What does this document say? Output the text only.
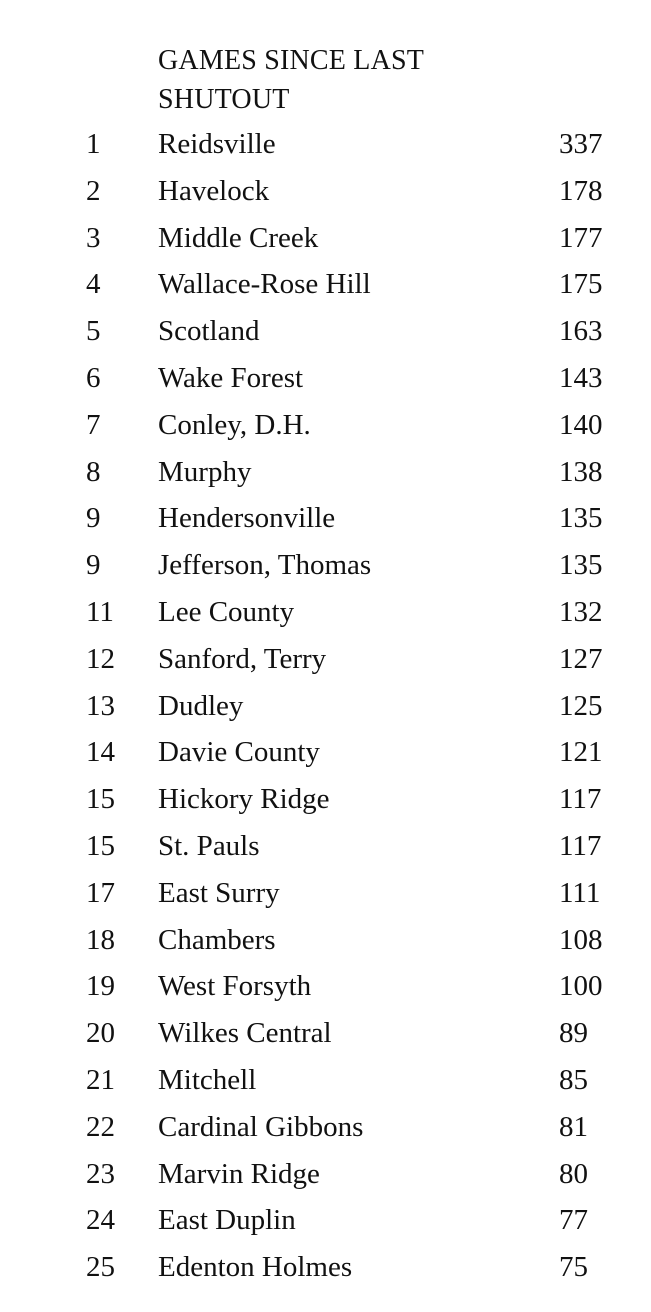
GAMES SINCE LAST
SHUTOUT
1 Reidsville	337
2 Havelock	178
3 Middle Creek	177
4 Wallace-Rose Hill	175
5 Scotland	163
6 Wake Forest	143
7 Conley, D.H.	140
8 Murphy	138
9 Hendersonville	135
9 Jefferson, Thomas	135
11 Lee County	132
12 Sanford, Terry	127
13 Dudley	125
14 Davie County	121
15 Hickory Ridge	117
15 St. Pauls	117
17 East Surry	111
18 Chambers	108
19 West Forsyth	100
20 Wilkes Central	89
21 Mitchell	85
22 Cardinal Gibbons	81
23 Marvin Ridge	80
24 East Duplin	77
25 Edenton Holmes	75
